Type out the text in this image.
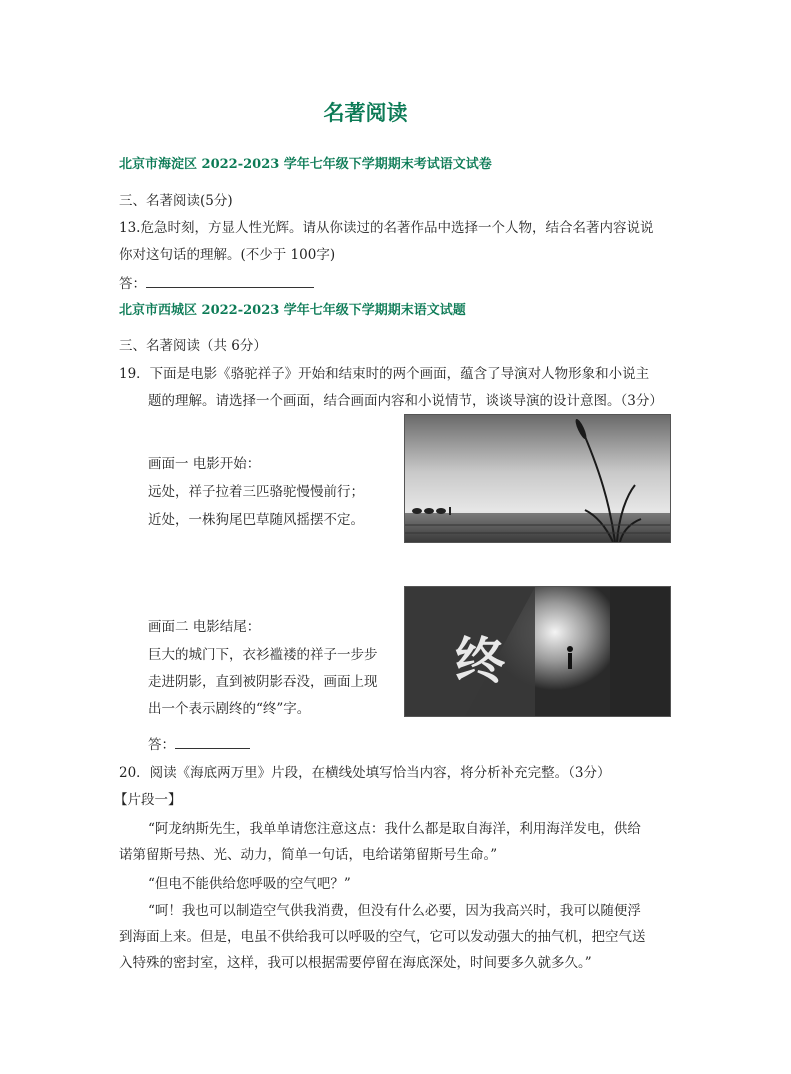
名著阅读
北京市海淀区 2022-2023 学年七年级下学期期末考试语文试卷
三、名著阅读(5分)
13.危急时刻，方显人性光辉。请从你读过的名著作品中选择一个人物，结合名著内容说说
你对这句话的理解。(不少于 100字)
答：
北京市西城区 2022-2023 学年七年级下学期期末语文试题
三、名著阅读（共 6分）
19．下面是电影《骆驼祥子》开始和结束时的两个画面，蕴含了导演对人物形象和小说主
题的理解。请选择一个画面，结合画面内容和小说情节，谈谈导演的设计意图。（3分）
画面一 电影开始：
远处，祥子拉着三匹骆驼慢慢前行；
近处，一株狗尾巴草随风摇摆不定。
画面二 电影结尾：
巨大的城门下，衣衫褴褛的祥子一步步
走进阴影，直到被阴影吞没，画面上现
出一个表示剧终的“终”字。
终
答：
20．阅读《海底两万里》片段，在横线处填写恰当内容，将分析补充完整。（3分）
【片段一】
“阿龙纳斯先生，我单单请您注意这点：我什么都是取自海洋，利用海洋发电，供给
诺第留斯号热、光、动力，简单一句话，电给诺第留斯号生命。”
“但电不能供给您呼吸的空气吧？”
“呵！我也可以制造空气供我消费，但没有什么必要，因为我高兴时，我可以随便浮
到海面上来。但是，电虽不供给我可以呼吸的空气，它可以发动强大的抽气机，把空气送
入特殊的密封室，这样，我可以根据需要停留在海底深处，时间要多久就多久。”
